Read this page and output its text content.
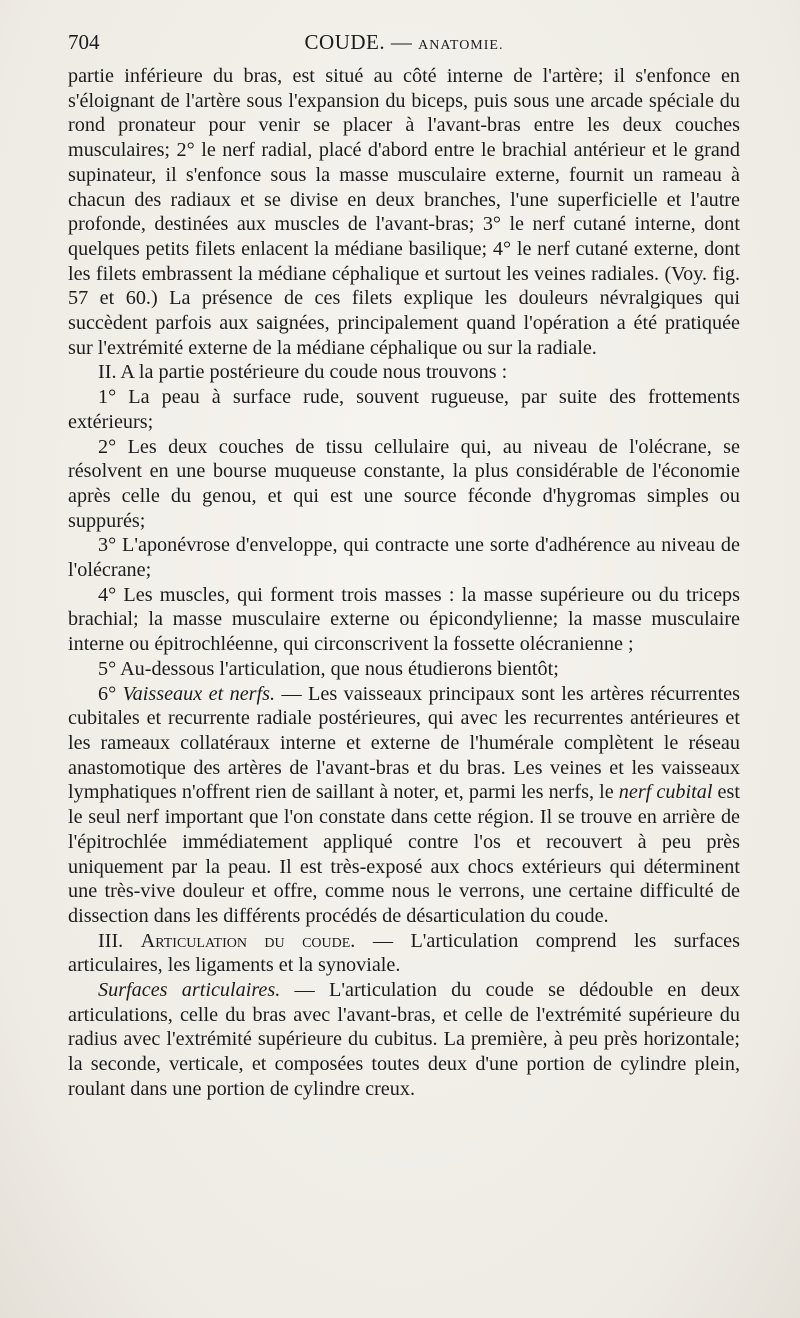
704	COUDE. — ANATOMIE.

partie inférieure du bras, est situé au côté interne de l'artère; il s'enfonce en s'éloignant de l'artère sous l'expansion du biceps, puis sous une arcade spéciale du rond pronateur pour venir se placer à l'avant-bras entre les deux couches musculaires; 2° le nerf radial, placé d'abord entre le brachial antérieur et le grand supinateur, il s'enfonce sous la masse musculaire externe, fournit un rameau à chacun des radiaux et se divise en deux branches, l'une superficielle et l'autre profonde, destinées aux muscles de l'avant-bras; 3° le nerf cutané interne, dont quelques petits filets enlacent la médiane basilique; 4° le nerf cutané externe, dont les filets embrassent la médiane céphalique et surtout les veines radiales. (Voy. fig. 57 et 60.) La présence de ces filets explique les douleurs névralgiques qui succèdent parfois aux saignées, principalement quand l'opération a été pratiquée sur l'extrémité externe de la médiane céphalique ou sur la radiale.

II. A la partie postérieure du coude nous trouvons :

1° La peau à surface rude, souvent rugueuse, par suite des frottements extérieurs;

2° Les deux couches de tissu cellulaire qui, au niveau de l'olécrane, se résolvent en une bourse muqueuse constante, la plus considérable de l'économie après celle du genou, et qui est une source féconde d'hygromas simples ou suppurés;

3° L'aponévrose d'enveloppe, qui contracte une sorte d'adhérence au niveau de l'olécrane;

4° Les muscles, qui forment trois masses : la masse supérieure ou du triceps brachial; la masse musculaire externe ou épicondylienne; la masse musculaire interne ou épitrochléenne, qui circonscrivent la fossette olécranienne ;

5° Au-dessous l'articulation, que nous étudierons bientôt;

6° Vaisseaux et nerfs. — Les vaisseaux principaux sont les artères récurrentes cubitales et recurrente radiale postérieures, qui avec les recurrentes antérieures et les rameaux collatéraux interne et externe de l'humérale complètent le réseau anastomotique des artères de l'avant-bras et du bras. Les veines et les vaisseaux lymphatiques n'offrent rien de saillant à noter, et, parmi les nerfs, le nerf cubital est le seul nerf important que l'on constate dans cette région. Il se trouve en arrière de l'épitrochlée immédiatement appliqué contre l'os et recouvert à peu près uniquement par la peau. Il est très-exposé aux chocs extérieurs qui déterminent une très-vive douleur et offre, comme nous le verrons, une certaine difficulté de dissection dans les différents procédés de désarticulation du coude.

III. Articulation du coude. — L'articulation comprend les surfaces articulaires, les ligaments et la synoviale.

Surfaces articulaires. — L'articulation du coude se dédouble en deux articulations, celle du bras avec l'avant-bras, et celle de l'extrémité supérieure du radius avec l'extrémité supérieure du cubitus. La première, à peu près horizontale; la seconde, verticale, et composées toutes deux d'une portion de cylindre plein, roulant dans une portion de cylindre creux.
